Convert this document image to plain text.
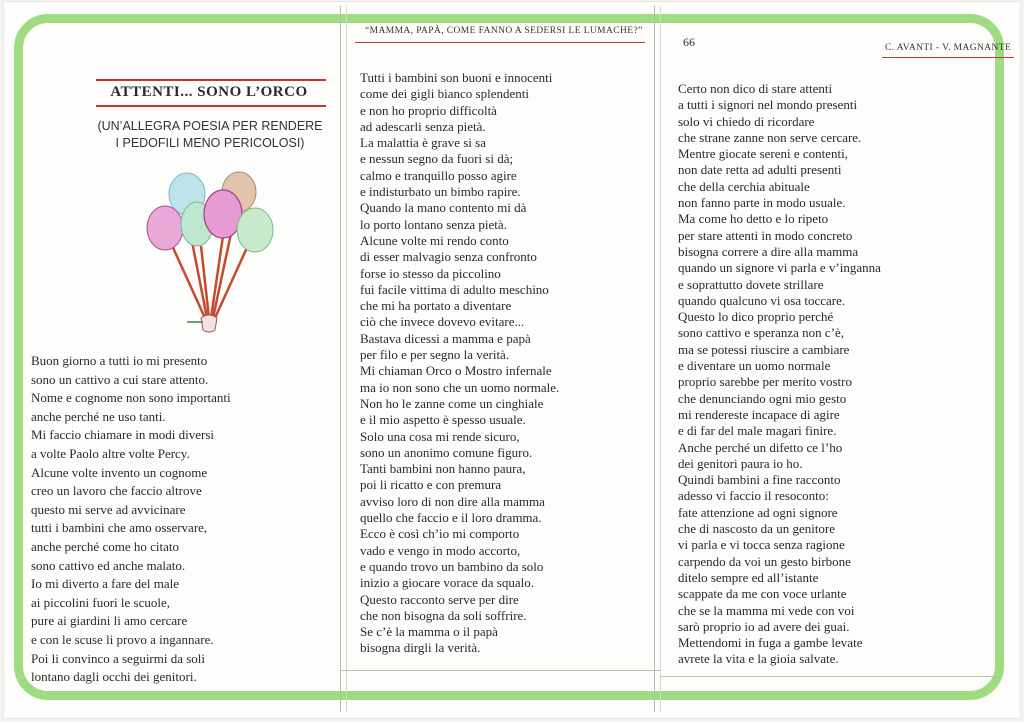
“MAMMA, PAPÀ, COME FANNO A SEDERSI LE LUMACHE?”
66	C. AVANTI - V. MAGNANTE
ATTENTI... SONO L’ORCO
(UN’ALLEGRA POESIA PER RENDERE
I PEDOFILI MENO PERICOLOSI)
Buon giorno a tutti io mi presento
sono un cattivo a cui stare attento.
Nome e cognome non sono importanti
anche perché ne uso tanti.
Mi faccio chiamare in modi diversi
a volte Paolo altre volte Percy.
Alcune volte invento un cognome
creo un lavoro che faccio altrove
questo mi serve ad avvicinare
tutti i bambini che amo osservare,
anche perché come ho citato
sono cattivo ed anche malato.
Io mi diverto a fare del male
ai piccolini fuori le scuole,
pure ai giardini li amo cercare
e con le scuse li provo a ingannare.
Poi li convinco a seguirmi da soli
lontano dagli occhi dei genitori.
Tutti i bambini son buoni e innocenti
come dei gigli bianco splendenti
e non ho proprio difficoltà
ad adescarli senza pietà.
La malattia è grave si sa
e nessun segno da fuori si dà;
calmo e tranquillo posso agire
e indisturbato un bimbo rapire.
Quando la mano contento mi dà
lo porto lontano senza pietà.
Alcune volte mi rendo conto
di esser malvagio senza confronto
forse io stesso da piccolino
fui facile vittima di adulto meschino
che mi ha portato a diventare
ciò che invece dovevo evitare...
Bastava dicessi a mamma e papà
per filo e per segno la verità.
Mi chiaman Orco o Mostro infernale
ma io non sono che un uomo normale.
Non ho le zanne come un cinghiale
e il mio aspetto è spesso usuale.
Solo una cosa mi rende sicuro,
sono un anonimo comune figuro.
Tanti bambini non hanno paura,
poi li ricatto e con premura
avviso loro di non dire alla mamma
quello che faccio e il loro dramma.
Ecco è così ch’io mi comporto
vado e vengo in modo accorto,
e quando trovo un bambino da solo
inizio a giocare vorace da squalo.
Questo racconto serve per dire
che non bisogna da soli soffrire.
Se c’è la mamma o il papà
bisogna dirgli la verità.
Certo non dico di stare attenti
a tutti i signori nel mondo presenti
solo vi chiedo di ricordare
che strane zanne non serve cercare.
Mentre giocate sereni e contenti,
non date retta ad adulti presenti
che della cerchia abituale
non fanno parte in modo usuale.
Ma come ho detto e lo ripeto
per stare attenti in modo concreto
bisogna correre a dire alla mamma
quando un signore vi parla e v’inganna
e soprattutto dovete strillare
quando qualcuno vi osa toccare.
Questo lo dico proprio perché
sono cattivo e speranza non c’è,
ma se potessi riuscire a cambiare
e diventare un uomo normale
proprio sarebbe per merito vostro
che denunciando ogni mio gesto
mi rendereste incapace di agire
e di far del male magari finire.
Anche perché un difetto ce l’ho
dei genitori paura io ho.
Quindi bambini a fine racconto
adesso vi faccio il resoconto:
fate attenzione ad ogni signore
che di nascosto da un genitore
vi parla e vi tocca senza ragione
carpendo da voi un gesto birbone
ditelo sempre ed all’istante
scappate da me con voce urlante
che se la mamma mi vede con voi
sarò proprio io ad avere dei guai.
Mettendomi in fuga a gambe levate
avrete la vita e la gioia salvate.
